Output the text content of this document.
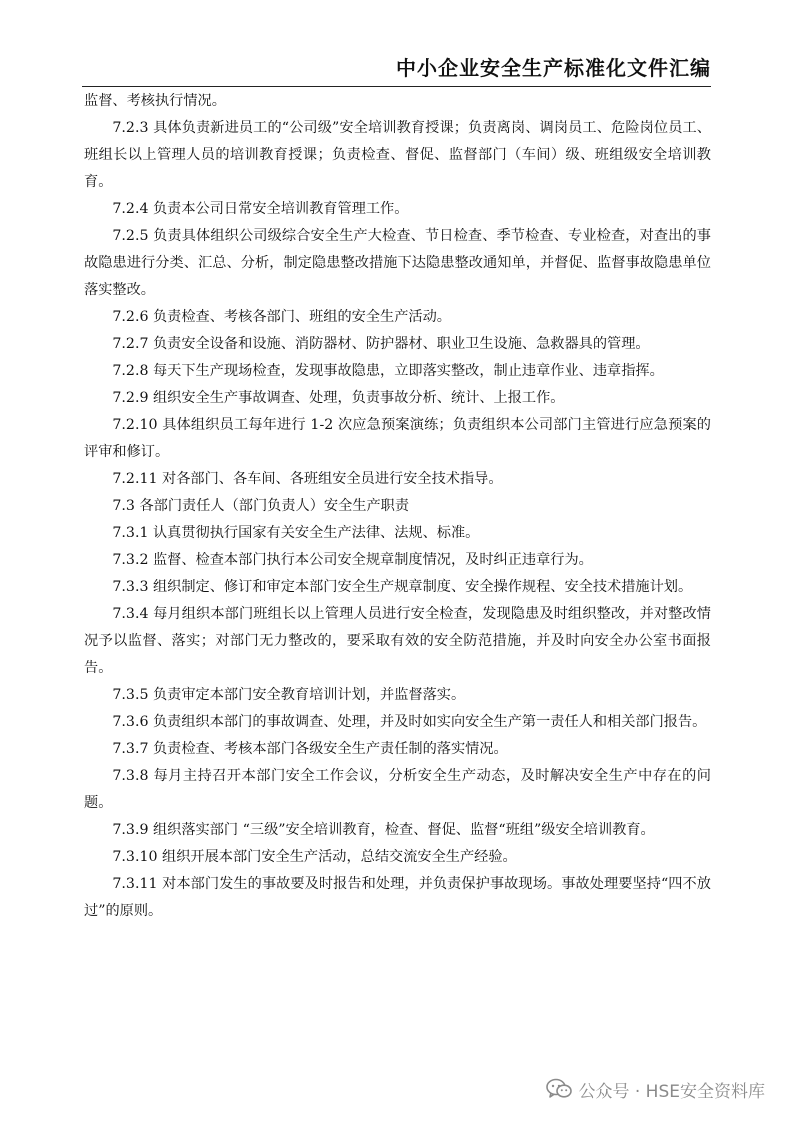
中小企业安全生产标准化文件汇编

监督、考核执行情况。

7.2.3 具体负责新进员工的“公司级”安全培训教育授课；负责离岗、调岗员工、危险岗位员工、班组长以上管理人员的培训教育授课；负责检查、督促、监督部门（车间）级、班组级安全培训教育。

7.2.4 负责本公司日常安全培训教育管理工作。

7.2.5 负责具体组织公司级综合安全生产大检查、节日检查、季节检查、专业检查，对查出的事故隐患进行分类、汇总、分析，制定隐患整改措施下达隐患整改通知单，并督促、监督事故隐患单位落实整改。

7.2.6 负责检查、考核各部门、班组的安全生产活动。

7.2.7 负责安全设备和设施、消防器材、防护器材、职业卫生设施、急救器具的管理。

7.2.8 每天下生产现场检查，发现事故隐患，立即落实整改，制止违章作业、违章指挥。

7.2.9 组织安全生产事故调查、处理，负责事故分析、统计、上报工作。

7.2.10 具体组织员工每年进行 1-2 次应急预案演练；负责组织本公司部门主管进行应急预案的评审和修订。

7.2.11 对各部门、各车间、各班组安全员进行安全技术指导。

7.3 各部门责任人（部门负责人）安全生产职责

7.3.1 认真贯彻执行国家有关安全生产法律、法规、标准。

7.3.2 监督、检查本部门执行本公司安全规章制度情况，及时纠正违章行为。

7.3.3 组织制定、修订和审定本部门安全生产规章制度、安全操作规程、安全技术措施计划。

7.3.4 每月组织本部门班组长以上管理人员进行安全检查，发现隐患及时组织整改，并对整改情况予以监督、落实；对部门无力整改的，要采取有效的安全防范措施，并及时向安全办公室书面报告。

7.3.5 负责审定本部门安全教育培训计划，并监督落实。

7.3.6 负责组织本部门的事故调查、处理，并及时如实向安全生产第一责任人和相关部门报告。

7.3.7 负责检查、考核本部门各级安全生产责任制的落实情况。

7.3.8 每月主持召开本部门安全工作会议，分析安全生产动态，及时解决安全生产中存在的问题。

7.3.9 组织落实部门 “三级”安全培训教育，检查、督促、监督“班组”级安全培训教育。

7.3.10 组织开展本部门安全生产活动，总结交流安全生产经验。

7.3.11 对本部门发生的事故要及时报告和处理，并负责保护事故现场。事故处理要坚持“四不放过”的原则。

公众号 · HSE安全资料库
